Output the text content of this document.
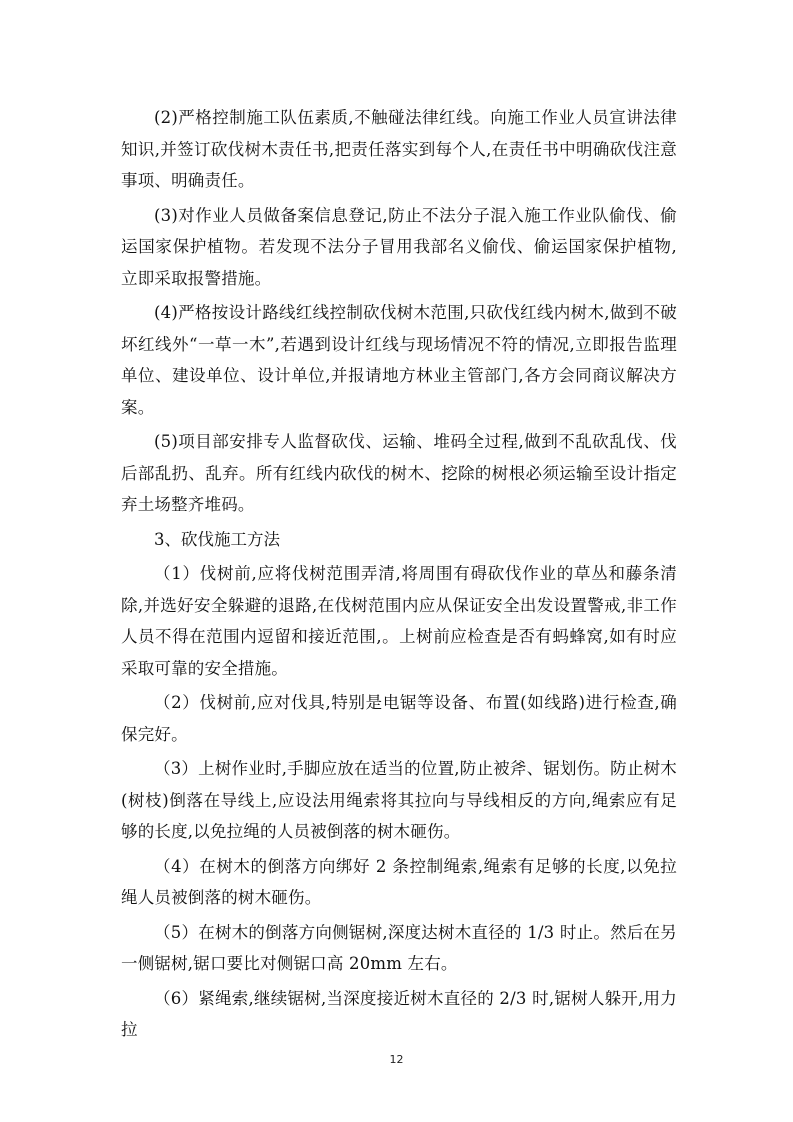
(2)严格控制施工队伍素质,不触碰法律红线。向施工作业人员宣讲法律知识,并签订砍伐树木责任书,把责任落实到每个人,在责任书中明确砍伐注意事项、明确责任。

(3)对作业人员做备案信息登记,防止不法分子混入施工作业队偷伐、偷运国家保护植物。若发现不法分子冒用我部名义偷伐、偷运国家保护植物,立即采取报警措施。

(4)严格按设计路线红线控制砍伐树木范围,只砍伐红线内树木,做到不破坏红线外“一草一木”,若遇到设计红线与现场情况不符的情况,立即报告监理单位、建设单位、设计单位,并报请地方林业主管部门,各方会同商议解决方案。

(5)项目部安排专人监督砍伐、运输、堆码全过程,做到不乱砍乱伐、伐后部乱扔、乱弃。所有红线内砍伐的树木、挖除的树根必须运输至设计指定弃土场整齐堆码。

3、砍伐施工方法

（1）伐树前,应将伐树范围弄清,将周围有碍砍伐作业的草丛和藤条清除,并选好安全躲避的退路,在伐树范围内应从保证安全出发设置警戒,非工作人员不得在范围内逗留和接近范围,。上树前应检查是否有蚂蜂窝,如有时应采取可靠的安全措施。

（2）伐树前,应对伐具,特别是电锯等设备、布置(如线路)进行检查,确保完好。

（3）上树作业时,手脚应放在适当的位置,防止被斧、锯划伤。防止树木(树枝)倒落在导线上,应设法用绳索将其拉向与导线相反的方向,绳索应有足够的长度,以免拉绳的人员被倒落的树木砸伤。

（4）在树木的倒落方向绑好 2 条控制绳索,绳索有足够的长度,以免拉绳人员被倒落的树木砸伤。

（5）在树木的倒落方向侧锯树,深度达树木直径的 1/3 时止。然后在另一侧锯树,锯口要比对侧锯口高 20mm 左右。

（6）紧绳索,继续锯树,当深度接近树木直径的 2/3 时,锯树人躲开,用力拉

12
